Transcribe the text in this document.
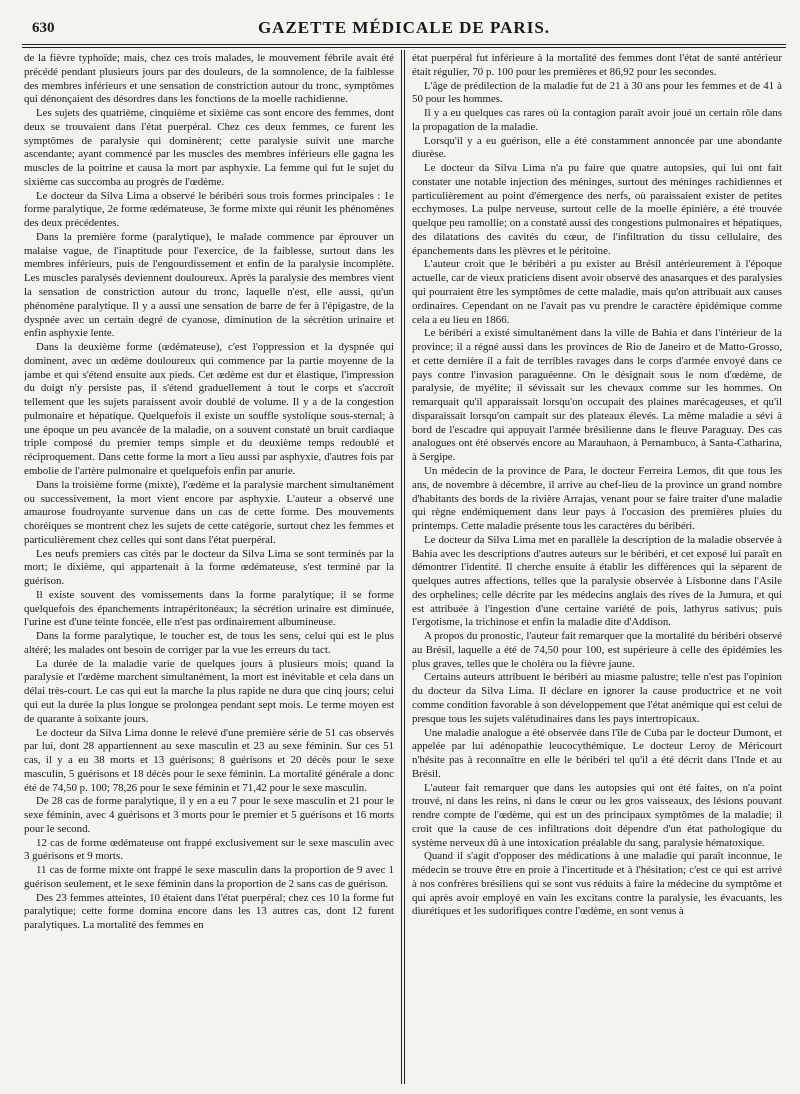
630	GAZETTE MÉDICALE DE PARIS.

de la fièvre typhoïde; mais, chez ces trois malades, le mouvement fébrile avait été précédé pendant plusieurs jours par des douleurs, de la somnolence, de la faiblesse des membres inférieurs et une sensation de constriction autour du tronc, symptômes qui dénonçaient des désordres dans les fonctions de la moelle rachidienne.

Les sujets des quatrième, cinquième et sixième cas sont encore des femmes, dont deux se trouvaient dans l'état puerpéral. Chez ces deux femmes, ce furent les symptômes de paralysie qui dominèrent; cette paralysie suivit une marche ascendante; ayant commencé par les muscles des membres inférieurs elle gagna les muscles de la poitrine et causa la mort par asphyxie. La femme qui fut le sujet du sixième cas succomba au progrès de l'œdème.

Le docteur da Silva Lima a observé le béribéri sous trois formes principales : 1e forme paralytique, 2e forme œdémateuse, 3e forme mixte qui réunit les phénomènes des deux précédentes.

Dans la première forme (paralytique), le malade commence par éprouver un malaise vague, de l'inaptitude pour l'exercice, de la faiblesse, surtout dans les membres inférieurs, puis de l'engourdissement et enfin de la paralysie incomplète. Les muscles paralysés deviennent douloureux. Après la paralysie des membres vient la sensation de constriction autour du tronc, laquelle n'est, elle aussi, qu'un phénomène paralytique. Il y a aussi une sensation de barre de fer à l'épigastre, de la dyspnée avec un certain degré de cyanose, diminution de la sécrétion urinaire et enfin asphyxie lente.

Dans la deuxième forme (œdémateuse), c'est l'oppression et la dyspnée qui dominent, avec un œdème douloureux qui commence par la partie moyenne de la jambe et qui s'étend ensuite aux pieds. Cet œdème est dur et élastique, l'impression du doigt n'y persiste pas, il s'étend graduellement à tout le corps et s'accroît tellement que les sujets paraissent avoir doublé de volume. Il y a de la congestion pulmonaire et hépatique. Quelquefois il existe un souffle systolique sous-sternal; à une époque un peu avancée de la maladie, on a souvent constaté un bruit cardiaque triple composé du premier temps simple et du deuxième temps redoublé et réciproquement. Dans cette forme la mort a lieu aussi par asphyxie, d'autres fois par embolie de l'artère pulmonaire et quelquefois enfin par anurie.

Dans la troisième forme (mixte), l'œdème et la paralysie marchent simultanément ou successivement, la mort vient encore par asphyxie. L'auteur a observé une amaurose foudroyante survenue dans un cas de cette forme. Des mouvements choréiques se montrent chez les sujets de cette catégorie, surtout chez les femmes et particulièrement chez celles qui sont dans l'état puerpéral.

Les neufs premiers cas cités par le docteur da Silva Lima se sont terminés par la mort; le dixième, qui appartenait à la forme œdémateuse, s'est terminé par la guérison.

Il existe souvent des vomissements dans la forme paralytique; il se forme quelquefois des épanchements intrapéritonéaux; la sécrétion urinaire est diminuée, l'urine est d'une teinte foncée, elle n'est pas ordinairement albumineuse.

Dans la forme paralytique, le toucher est, de tous les sens, celui qui est le plus altéré; les malades ont besoin de corriger par la vue les erreurs du tact.

La durée de la maladie varie de quelques jours à plusieurs mois; quand la paralysie et l'œdème marchent simultanément, la mort est inévitable et cela dans un délai très-court. Le cas qui eut la marche la plus rapide ne dura que cinq jours; celui qui eut la durée la plus longue se prolongea pendant sept mois. Le terme moyen est de quarante à soixante jours.

Le docteur da Silva Lima donne le relevé d'une première série de 51 cas observés par lui, dont 28 appartiennent au sexe masculin et 23 au sexe féminin. Sur ces 51 cas, il y a eu 38 morts et 13 guérisons; 8 guérisons et 20 décès pour le sexe masculin, 5 guérisons et 18 décès pour le sexe féminin. La mortalité générale a donc été de 74,50 p. 100; 78,26 pour le sexe féminin et 71,42 pour le sexe masculin.

De 28 cas de forme paralytique, il y en a eu 7 pour le sexe masculin et 21 pour le sexe féminin, avec 4 guérisons et 3 morts pour le premier et 5 guérisons et 16 morts pour le second.

12 cas de forme œdémateuse ont frappé exclusivement sur le sexe masculin avec 3 guérisons et 9 morts.

11 cas de forme mixte ont frappé le sexe masculin dans la proportion de 9 avec 1 guérison seulement, et le sexe féminin dans la proportion de 2 sans cas de guérison.

Des 23 femmes atteintes, 10 étaient dans l'état puerpéral; chez ces 10 la forme fut paralytique; cette forme domina encore dans les 13 autres cas, dont 12 furent paralytiques. La mortalité des femmes en

état puerpéral fut inférieure à la mortalité des femmes dont l'état de santé antérieur était régulier, 70 p. 100 pour les premières et 86,92 pour les secondes.

L'âge de prédilection de la maladie fut de 21 à 30 ans pour les femmes et de 41 à 50 pour les hommes.

Il y a eu quelques cas rares où la contagion paraît avoir joué un certain rôle dans la propagation de la maladie.

Lorsqu'il y a eu guérison, elle a été constamment annoncée par une abondante diurèse.

Le docteur da Silva Lima n'a pu faire que quatre autopsies, qui lui ont fait constater une notable injection des méninges, surtout des méninges rachidiennes et particulièrement au point d'émergence des nerfs, où paraissaient exister de petites ecchymoses. La pulpe nerveuse, surtout celle de la moelle épinière, a été trouvée quelque peu ramollie; on a constaté aussi des congestions pulmonaires et hépatiques, des dilatations des cavités du cœur, de l'infiltration du tissu cellulaire, des épanchements dans les plèvres et le péritoine.

L'auteur croit que le béribéri a pu exister au Brésil antérieurement à l'époque actuelle, car de vieux praticiens disent avoir observé des anasarques et des paralysies qui pourraient être les symptômes de cette maladie, mais qu'on attribuait aux causes ordinaires. Cependant on ne l'avait pas vu prendre le caractère épidémique comme cela a eu lieu en 1866.

Le béribéri a existé simultanément dans la ville de Bahia et dans l'intérieur de la province; il a régné aussi dans les provinces de Rio de Janeiro et de Matto-Grosso, et cette dernière il a fait de terribles ravages dans le corps d'armée envoyé dans ce pays contre l'invasion paraguéenne. On le désignait sous le nom d'œdème, de paralysie, de myélite; il sévissait sur les chevaux comme sur les hommes. On remarquait qu'il apparaissait lorsqu'on occupait des plaines marécageuses, et qu'il disparaissait lorsqu'on campait sur des plateaux élevés. La même maladie a sévi à bord de l'escadre qui appuyait l'armée brésilienne dans le fleuve Paraguay. Des cas analogues ont été observés encore au Marauhaon, à Pernambuco, à Santa-Catharina, à Sergipe.

Un médecin de la province de Para, le docteur Ferreira Lemos, dit que tous les ans, de novembre à décembre, il arrive au chef-lieu de la province un grand nombre d'habitants des bords de la rivière Arrajas, venant pour se faire traiter d'une maladie qui règne endémiquement dans leur pays à l'occasion des premières pluies du printemps. Cette maladie présente tous les caractères du béribéri.

Le docteur da Silva Lima met en parallèle la description de la maladie observée à Bahia avec les descriptions d'autres auteurs sur le béribéri, et cet exposé lui paraît en démontrer l'identité. Il cherche ensuite à établir les différences qui la séparent de quelques autres affections, telles que la paralysie observée à Lisbonne dans l'Asile des orphelines; celle décrite par les médecins anglais des rives de la Jumura, et qui est attribuée à l'ingestion d'une certaine variété de pois, lathyrus sativus; puis l'ergotisme, la trichinose et enfin la maladie dite d'Addison.

A propos du pronostic, l'auteur fait remarquer que la mortalité du béribéri observé au Brésil, laquelle a été de 74,50 pour 100, est supérieure à celle des épidémies les plus graves, telles que le choléra ou la fièvre jaune.

Certains auteurs attribuent le béribéri au miasme palustre; telle n'est pas l'opinion du docteur da Silva Lima. Il déclare en ignorer la cause productrice et ne voit comme condition favorable à son développement que l'état anémique qui est celui de presque tous les sujets valétudinaires dans les pays intertropicaux.

Une maladie analogue a été observée dans l'île de Cuba par le docteur Dumont, et appelée par lui adénopathie leucocythémique. Le docteur Leroy de Méricourt n'hésite pas à reconnaître en elle le béribéri tel qu'il a été décrit dans l'Inde et au Brésil.

L'auteur fait remarquer que dans les autopsies qui ont été faites, on n'a point trouvé, ni dans les reins, ni dans le cœur ou les gros vaisseaux, des lésions pouvant rendre compte de l'œdème, qui est un des principaux symptômes de la maladie; il croit que la cause de ces infiltrations doit dépendre d'un état pathologique du système nerveux dû à une intoxication préalable du sang, paralysie hématoxique.

Quand il s'agit d'opposer des médications à une maladie qui paraît inconnue, le médecin se trouve être en proie à l'incertitude et à l'hésitation; c'est ce qui est arrivé à nos confrères brésiliens qui se sont vus réduits à faire la médecine du symptôme et qui après avoir employé en vain les excitans contre la paralysie, les évacuants, les diurétiques et les sudorifiques contre l'œdème, en sont venus à
